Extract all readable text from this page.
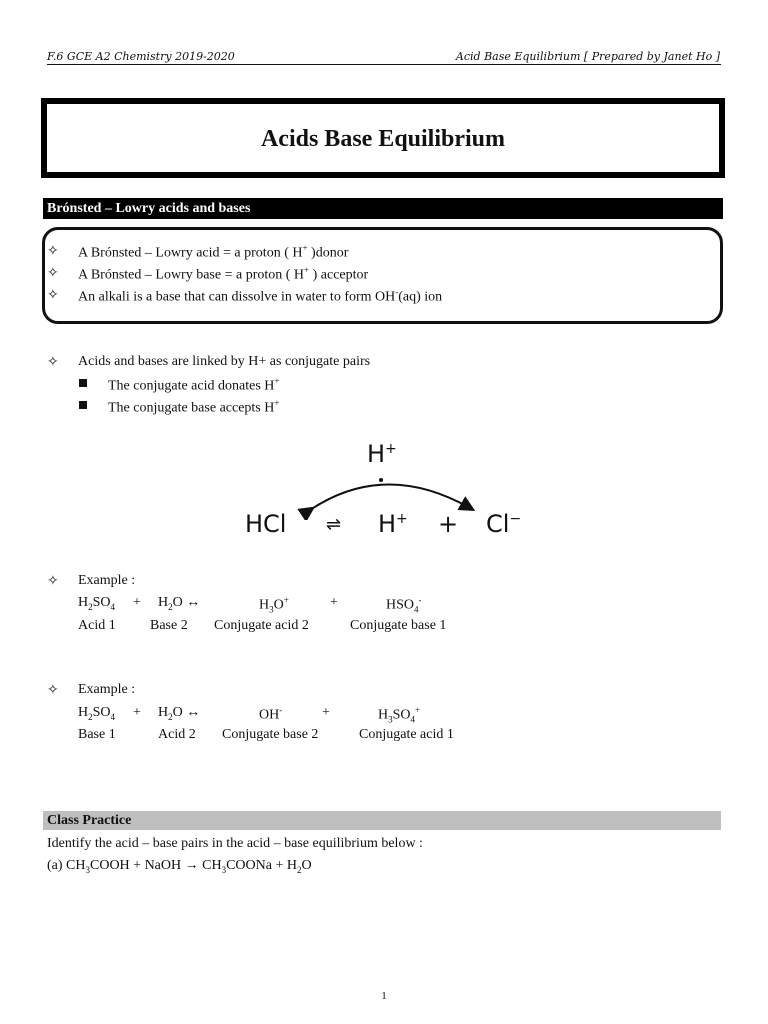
F.6 GCE A2 Chemistry 2019-2020	Acid Base Equilibrium [ Prepared by Janet Ho ]
Acids Base Equilibrium
Brónsted – Lowry acids and bases
✧ A Brónsted – Lowry acid = a proton ( H+ )donor
✧ A Brónsted – Lowry base = a proton ( H+ ) acceptor
✧ An alkali is a base that can dissolve in water to form OH-(aq) ion
✧ Acids and bases are linked by H+ as conjugate pairs
The conjugate acid donates H+
The conjugate base accepts H+
H+
HCl ⇌ H+ + Cl−
✧ Example :
$H_2SO_4 + H_2O$ ↔	$H_3O^+$	+	$HSO_4^-$
Acid 1 Base 2 Conjugate acid 2	Conjugate base 1
✧ Example :
$H_2SO_4 + H_2O$ ↔	OH-	+	$H_3SO_4^+$
Base 1	Acid 2 Conjugate base 2	Conjugate acid 1
Class Practice
Identify the acid – base pairs in the acid – base equilibrium below :
(a) $CH_3COOH$ + NaOH → $CH_3COONa + H_2O$
1
